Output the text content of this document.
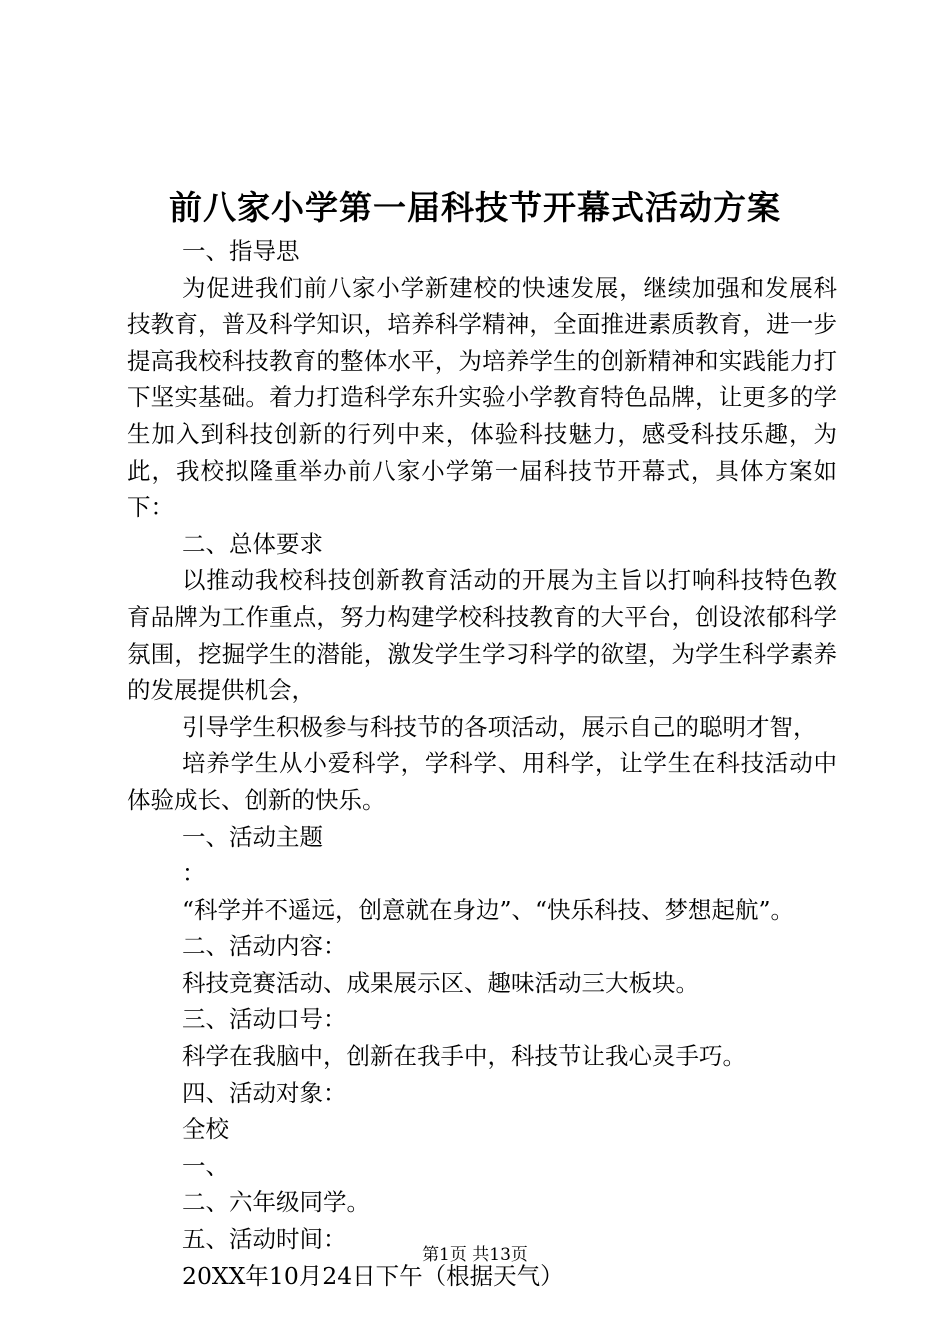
前八家小学第一届科技节开幕式活动方案

一、指导思

为促进我们前八家小学新建校的快速发展，继续加强和发展科技教育，普及科学知识，培养科学精神，全面推进素质教育，进一步提高我校科技教育的整体水平，为培养学生的创新精神和实践能力打下坚实基础。着力打造科学东升实验小学教育特色品牌，让更多的学生加入到科技创新的行列中来，体验科技魅力，感受科技乐趣，为此，我校拟隆重举办前八家小学第一届科技节开幕式，具体方案如下：

二、总体要求

以推动我校科技创新教育活动的开展为主旨以打响科技特色教育品牌为工作重点，努力构建学校科技教育的大平台，创设浓郁科学氛围，挖掘学生的潜能，激发学生学习科学的欲望，为学生科学素养的发展提供机会，

引导学生积极参与科技节的各项活动，展示自己的聪明才智，

培养学生从小爱科学，学科学、用科学，让学生在科技活动中体验成长、创新的快乐。

一、活动主题

：

“科学并不遥远，创意就在身边”、“快乐科技、梦想起航”。

二、活动内容：

科技竞赛活动、成果展示区、趣味活动三大板块。

三、活动口号：

科学在我脑中，创新在我手中，科技节让我心灵手巧。

四、活动对象：

全校

一、

二、六年级同学。

五、活动时间：

20XX年10月24日下午（根据天气）

第1页 共13页
